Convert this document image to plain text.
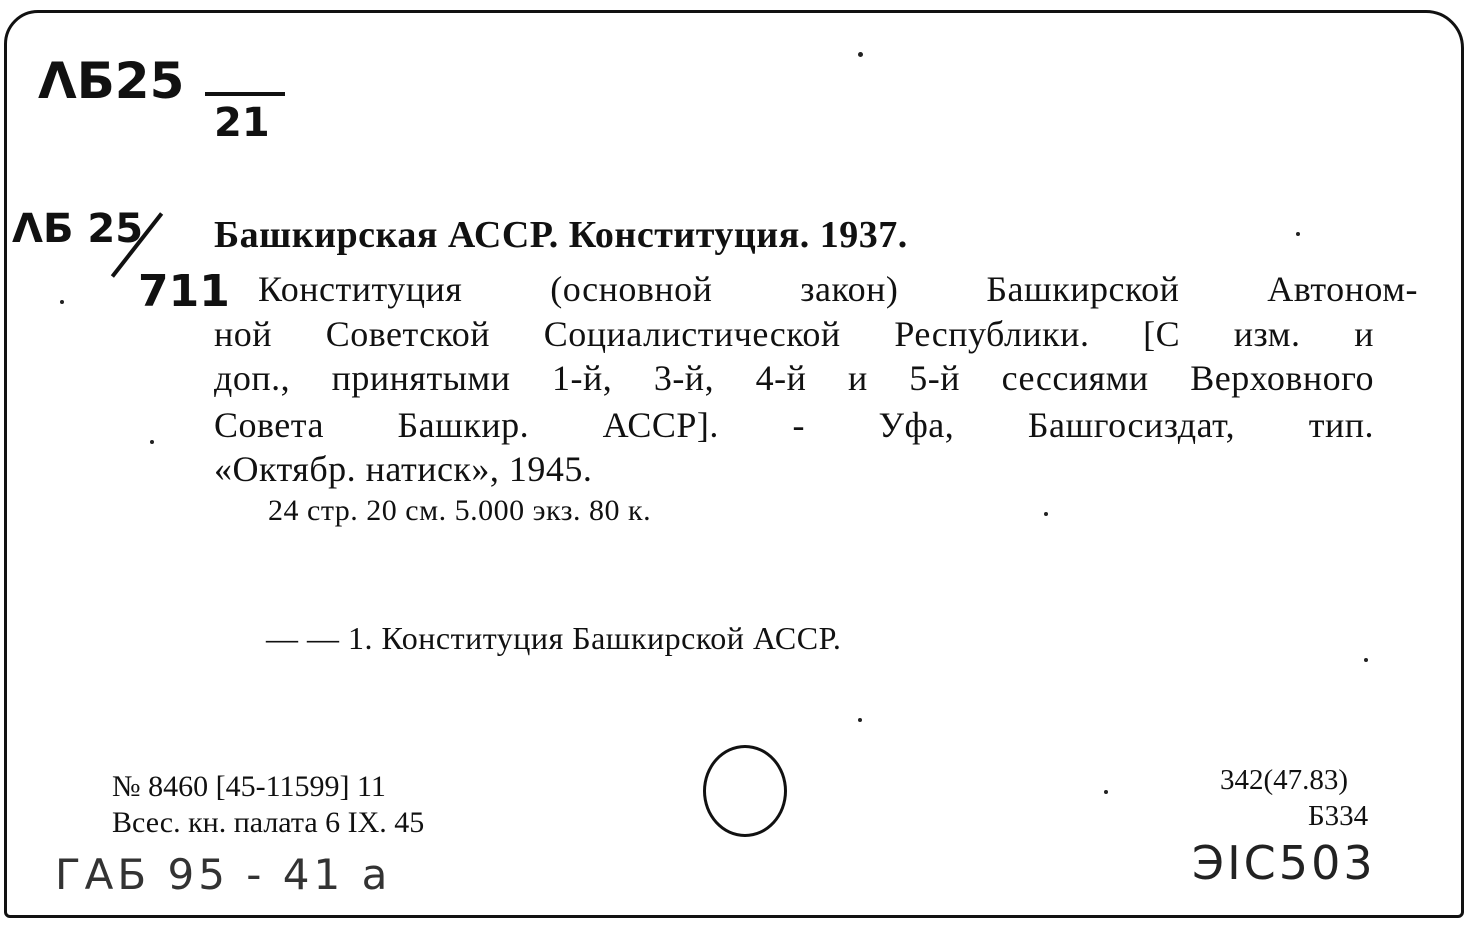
ΛБ25
21
ΛБ 25
711
Башкирская АССР. Конституция. 1937.
Конституция (основной закон) Башкирской Автоном-
ной Советской Социалистической Республики. [С изм. и
доп., принятыми 1-й, 3-й, 4-й и 5-й сессиями Верховного
Совета Башкир. АССР]. - Уфа, Башгосиздат, тип.
«Октябр. натиск», 1945.
24 стр. 20 см. 5.000 экз. 80 к.
— — 1. Конституция Башкирской АССР.
№ 8460 [45-11599] 11
Всес. кн. палата 6 IX. 45
342(47.83)
Б334
ГАБ 95 - 41 а	ЭІС503
